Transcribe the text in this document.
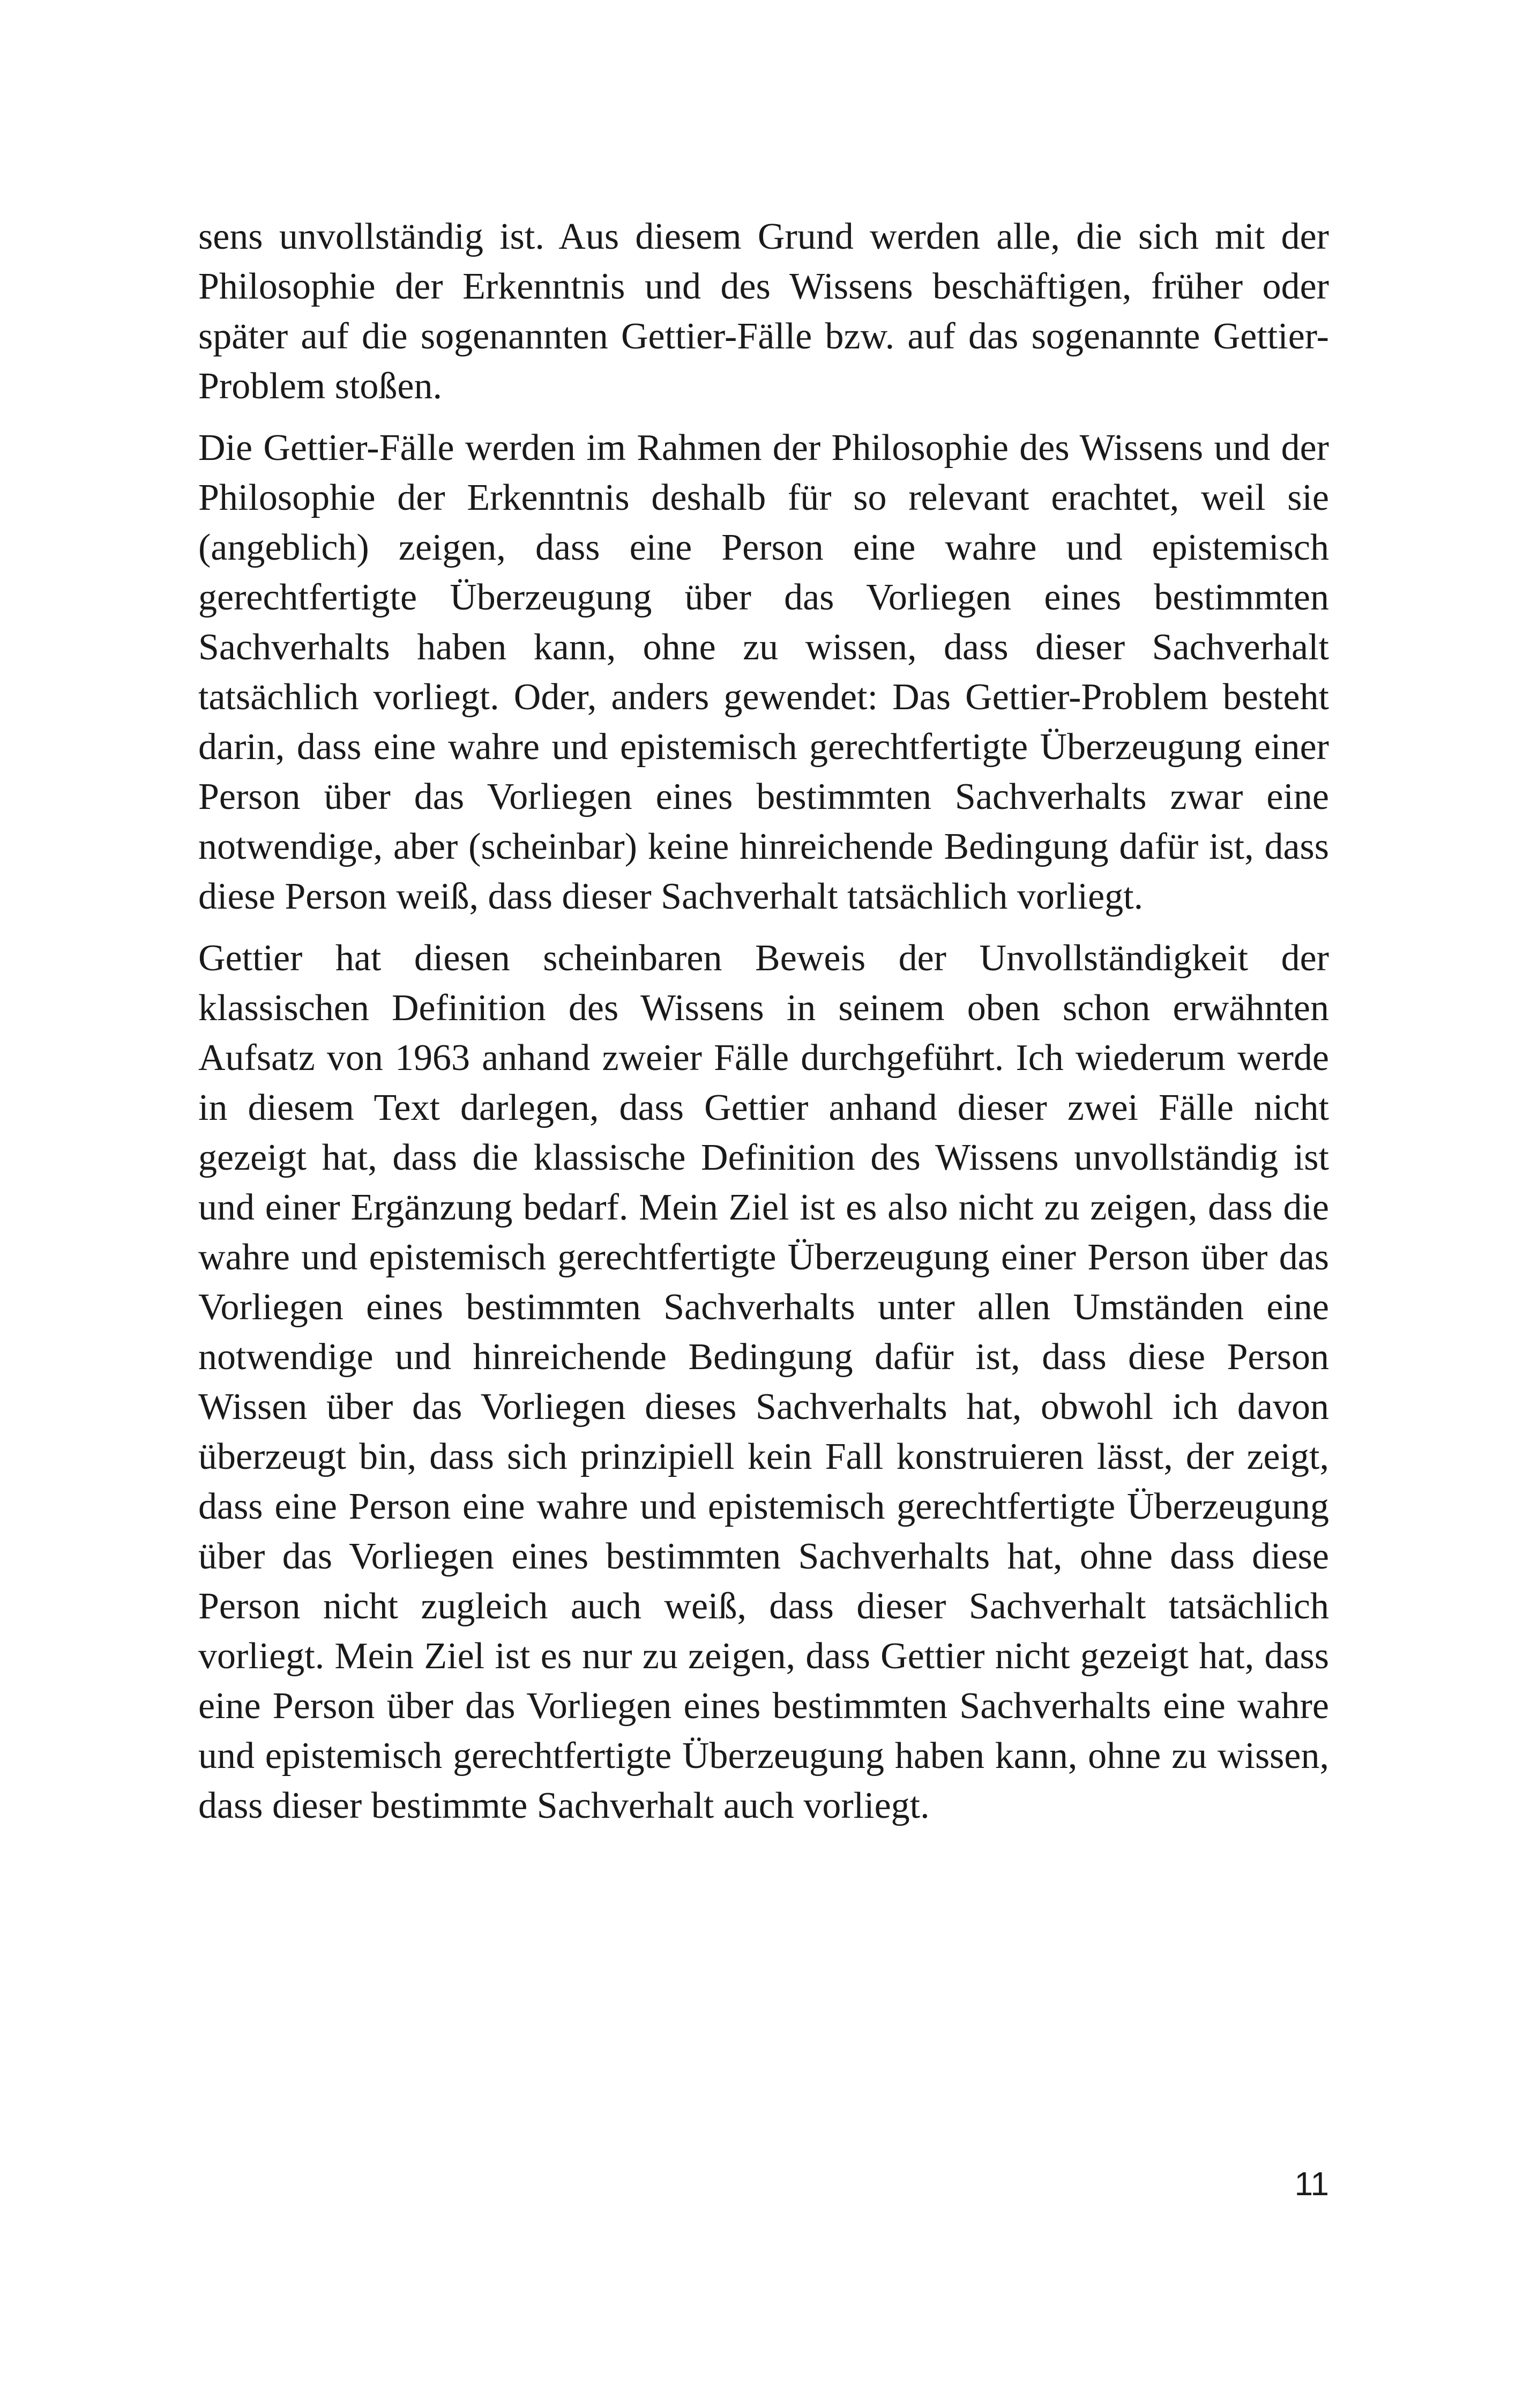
sens unvollständig ist. Aus diesem Grund werden alle, die sich mit der Philosophie der Erkenntnis und des Wissens beschäftigen, früher oder später auf die sogenannten Gettier-Fälle bzw. auf das sogenannte Gettier-Problem stoßen.

Die Gettier-Fälle werden im Rahmen der Philosophie des Wissens und der Philosophie der Erkenntnis deshalb für so relevant erachtet, weil sie (angeblich) zeigen, dass eine Person eine wahre und epistemisch gerechtfertigte Überzeugung über das Vorliegen eines bestimmten Sachverhalts haben kann, ohne zu wissen, dass dieser Sachverhalt tatsächlich vorliegt. Oder, anders gewendet: Das Gettier-Problem besteht darin, dass eine wahre und epistemisch gerechtfertigte Überzeugung einer Person über das Vorliegen eines bestimmten Sachverhalts zwar eine notwendige, aber (scheinbar) keine hinreichende Bedingung dafür ist, dass diese Person weiß, dass dieser Sachverhalt tatsächlich vorliegt.

Gettier hat diesen scheinbaren Beweis der Unvollständigkeit der klassischen Definition des Wissens in seinem oben schon erwähnten Aufsatz von 1963 anhand zweier Fälle durchgeführt. Ich wiederum werde in diesem Text darlegen, dass Gettier anhand dieser zwei Fälle nicht gezeigt hat, dass die klassische Definition des Wissens unvollständig ist und einer Ergänzung bedarf. Mein Ziel ist es also nicht zu zeigen, dass die wahre und epistemisch gerechtfertigte Überzeugung einer Person über das Vorliegen eines bestimmten Sachverhalts unter allen Umständen eine notwendige und hinreichende Bedingung dafür ist, dass diese Person Wissen über das Vorliegen dieses Sachverhalts hat, obwohl ich davon überzeugt bin, dass sich prinzipiell kein Fall konstruieren lässt, der zeigt, dass eine Person eine wahre und epistemisch gerechtfertigte Überzeugung über das Vorliegen eines bestimmten Sachverhalts hat, ohne dass diese Person nicht zugleich auch weiß, dass dieser Sachverhalt tatsächlich vorliegt. Mein Ziel ist es nur zu zeigen, dass Gettier nicht gezeigt hat, dass eine Person über das Vorliegen eines bestimmten Sachverhalts eine wahre und epistemisch gerechtfertigte Überzeugung haben kann, ohne zu wissen, dass dieser bestimmte Sachverhalt auch vorliegt.

11
